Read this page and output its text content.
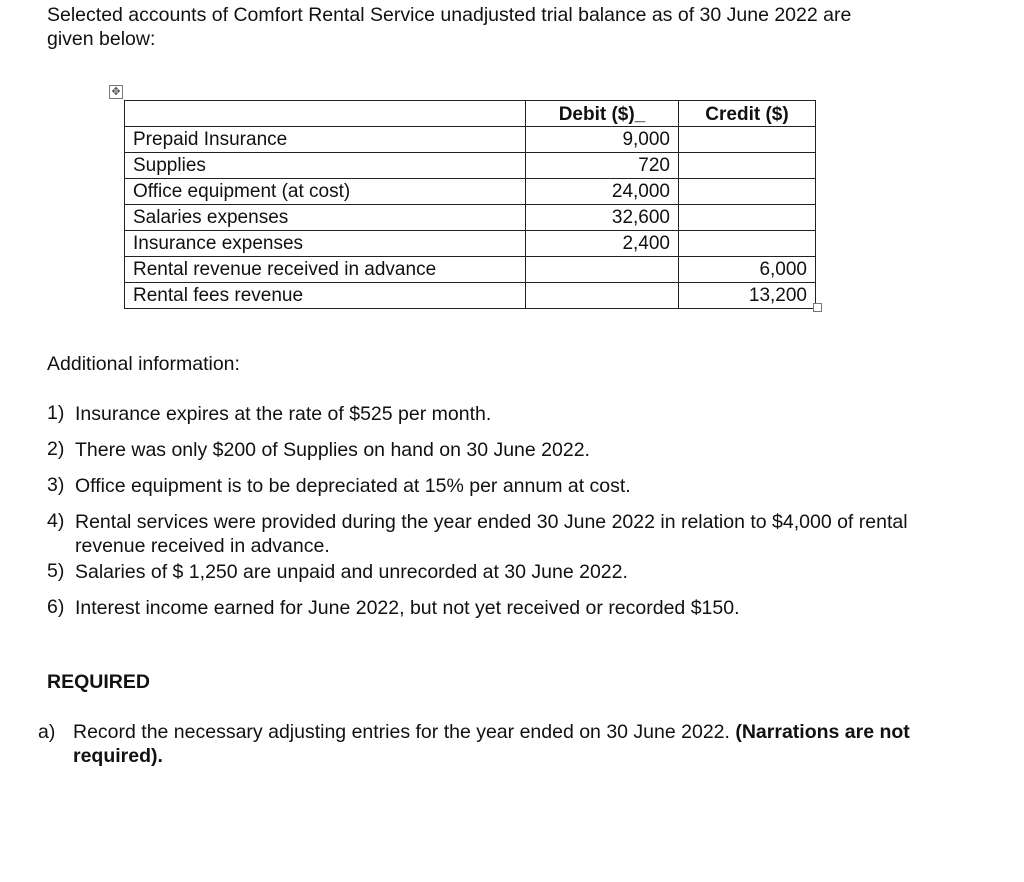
Selected accounts of Comfort Rental Service unadjusted trial balance as of 30 June 2022 are
given below:
✥
	Debit ($)_	Credit ($)
Prepaid Insurance	9,000	
Supplies	720	
Office equipment (at cost)	24,000	
Salaries expenses	32,600	
Insurance expenses	2,400	
Rental revenue received in advance		6,000
Rental fees revenue		13,200

Additional information:

1) Insurance expires at the rate of $525 per month.
2) There was only $200 of Supplies on hand on 30 June 2022.
3) Office equipment is to be depreciated at 15% per annum at cost.
4) Rental services were provided during the year ended 30 June 2022 in relation to $4,000 of rental revenue received in advance.
5) Salaries of $ 1,250 are unpaid and unrecorded at 30 June 2022.
6) Interest income earned for June 2022, but not yet received or recorded $150.

REQUIRED

a) Record the necessary adjusting entries for the year ended on 30 June 2022. (Narrations are not required).
